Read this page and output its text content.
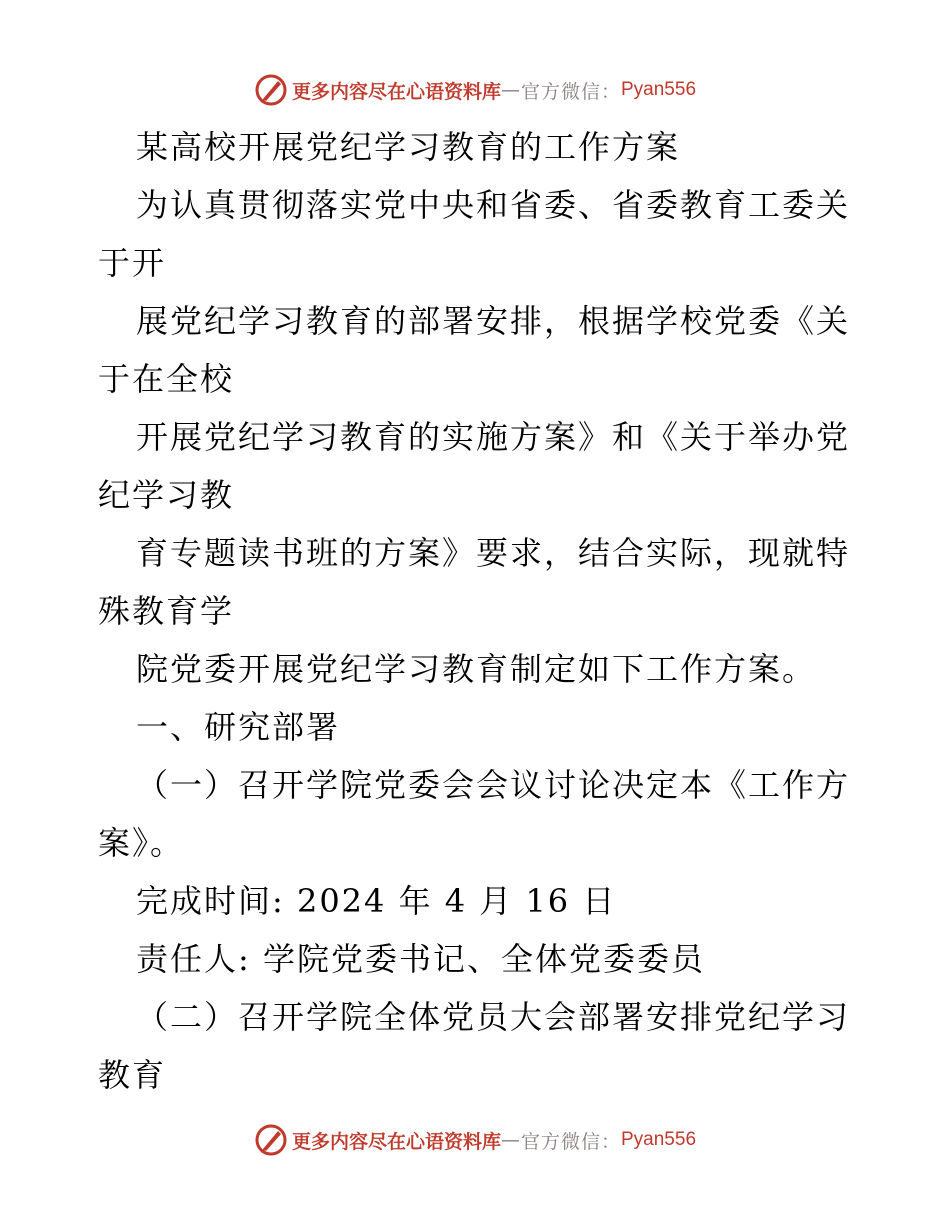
更多内容尽在心语资料库 — 官方微信： Pyan556
某高校开展党纪学习教育的工作方案
为认真贯彻落实党中央和省委、省委教育工委关
于开
展党纪学习教育的部署安排，根据学校党委《关
于在全校
开展党纪学习教育的实施方案》和《关于举办党
纪学习教
育专题读书班的方案》要求，结合实际，现就特
殊教育学
院党委开展党纪学习教育制定如下工作方案。
一、研究部署
（一）召开学院党委会会议讨论决定本《工作方
案》。
完成时间: 2024 年 4 月 16 日
责任人: 学院党委书记、全体党委委员
（二）召开学院全体党员大会部署安排党纪学习
教育
更多内容尽在心语资料库 — 官方微信： Pyan556
